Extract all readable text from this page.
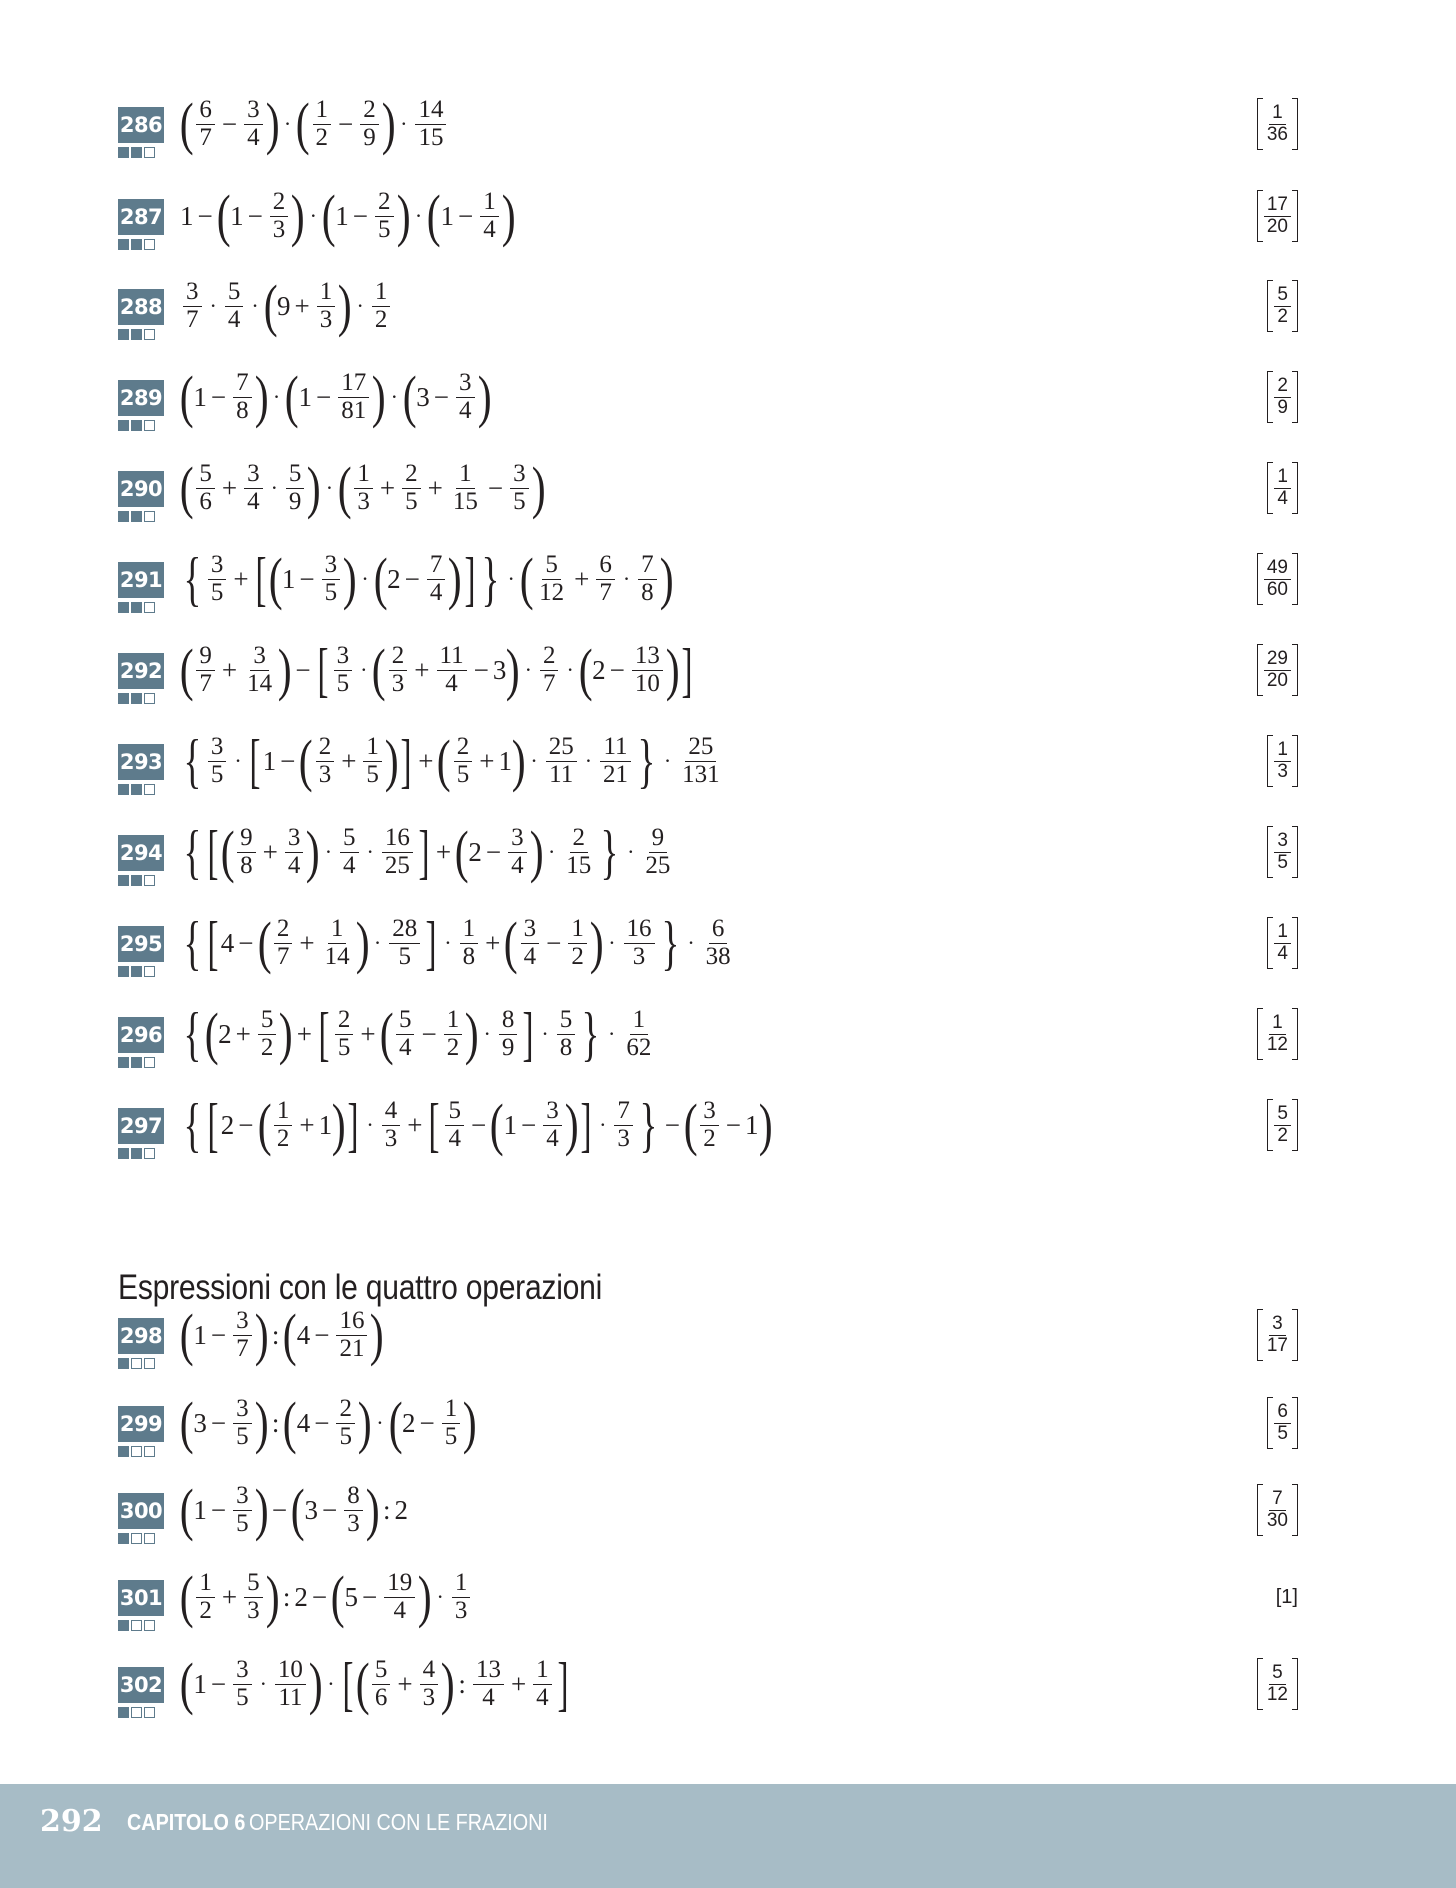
286 ( $\frac{6}{7} - \frac{3}{4}$ ) · ( $\frac{1}{2} - \frac{2}{9}$ ) · $\frac{14}{15}$	$\frac{1}{36}$
287 1 − ( $1 - \frac{2}{3}$ ) · ( $1 - \frac{2}{5}$ ) · ( $1 - \frac{1}{4}$ )	$\frac{17}{20}$
$288 \frac{3}{7} \cdot \frac{5}{4}$ · ( $9 + \frac{1}{3}$ ) · $\frac{1}{2}$	$\frac{5}{2}$
289 ( $1 - \frac{7}{8}$ ) · ( $1 - \frac{17}{81}$ ) · ( $3 - \frac{3}{4}$ )	$\frac{2}{9}$
290 ( $\frac{5}{6} + \frac{3}{4} \cdot \frac{5}{9}$ ) · ( $\frac{1}{3} + \frac{2}{5} + \frac{1}{15} - \frac{3}{5}$ )	$\frac{1}{4}$
291 { $\frac{3}{5}$ + [ ( $1 - \frac{3}{5}$ ) · ( $2 - \frac{7}{4}$ ) ] } · ( $\frac{5}{12} + \frac{6}{7} \cdot \frac{7}{8}$ )	$\frac{49}{60}$
292 ( $\frac{9}{7} + \frac{3}{14}$ ) − [ $\frac{3}{5}$ · ( $\frac{2}{3} + \frac{11}{4} - 3$ ) · $\frac{2}{7}$ · ( $2 - \frac{13}{10}$ ) ]	$\frac{29}{20}$
293 { $\frac{3}{5}$ · [ 1 − ( $\frac{2}{3} + \frac{1}{5}$ ) ] + ( $\frac{2}{5} + 1$ ) · $\frac{25}{11} \cdot \frac{11}{21}$ } · $\frac{25}{131}$	$\frac{1}{3}$
294 { [ ( $\frac{9}{8} + \frac{3}{4}$ ) · $\frac{5}{4} \cdot \frac{16}{25}$ ] + ( $2 - \frac{3}{4}$ ) · $\frac{2}{15}$ } · $\frac{9}{25}$	$\frac{3}{5}$
295 { [ 4 − ( $\frac{2}{7} + \frac{1}{14}$ ) · $\frac{28}{5}$ ] · $\frac{1}{8}$ + ( $\frac{3}{4} - \frac{1}{2}$ ) · $\frac{16}{3}$ } · $\frac{6}{38}$	$\frac{1}{4}$
296 { ( $2 + \frac{5}{2}$ ) + [ $\frac{2}{5}$ + ( $\frac{5}{4} - \frac{1}{2}$ ) · $\frac{8}{9}$ ] · $\frac{5}{8}$ } · $\frac{1}{62}$	$\frac{1}{12}$
297 { [ 2 − ( $\frac{1}{2} + 1$ ) ] · $\frac{4}{3}$ + [ $\frac{5}{4}$ − ( $1 - \frac{3}{4}$ ) ] · $\frac{7}{3}$ } − ( $\frac{3}{2} - 1$ )	$\frac{5}{2}$
298 ( $1 - \frac{3}{7}$ ) : ( $4 - \frac{16}{21}$ )	$\frac{3}{17}$
299 ( $3 - \frac{3}{5}$ ) : ( $4 - \frac{2}{5}$ ) · ( $2 - \frac{1}{5}$ )	$\frac{6}{5}$
300 ( $1 - \frac{3}{5}$ ) − ( $3 - \frac{8}{3}$ ) : 2	$\frac{7}{30}$
301 ( $\frac{1}{2} + \frac{5}{3}$ ) : 2 − ( $5 - \frac{19}{4}$ ) · $\frac{1}{3}$	[1]
302 ( $1 - \frac{3}{5} \cdot \frac{10}{11}$ ) · [ ( $\frac{5}{6} + \frac{4}{3}$ ) : $\frac{13}{4} + \frac{1}{4}$ ]	$\frac{5}{12}$
Espressioni con le quattro operazioni
292 CAPITOLO 6 OPERAZIONI CON LE FRAZIONI
